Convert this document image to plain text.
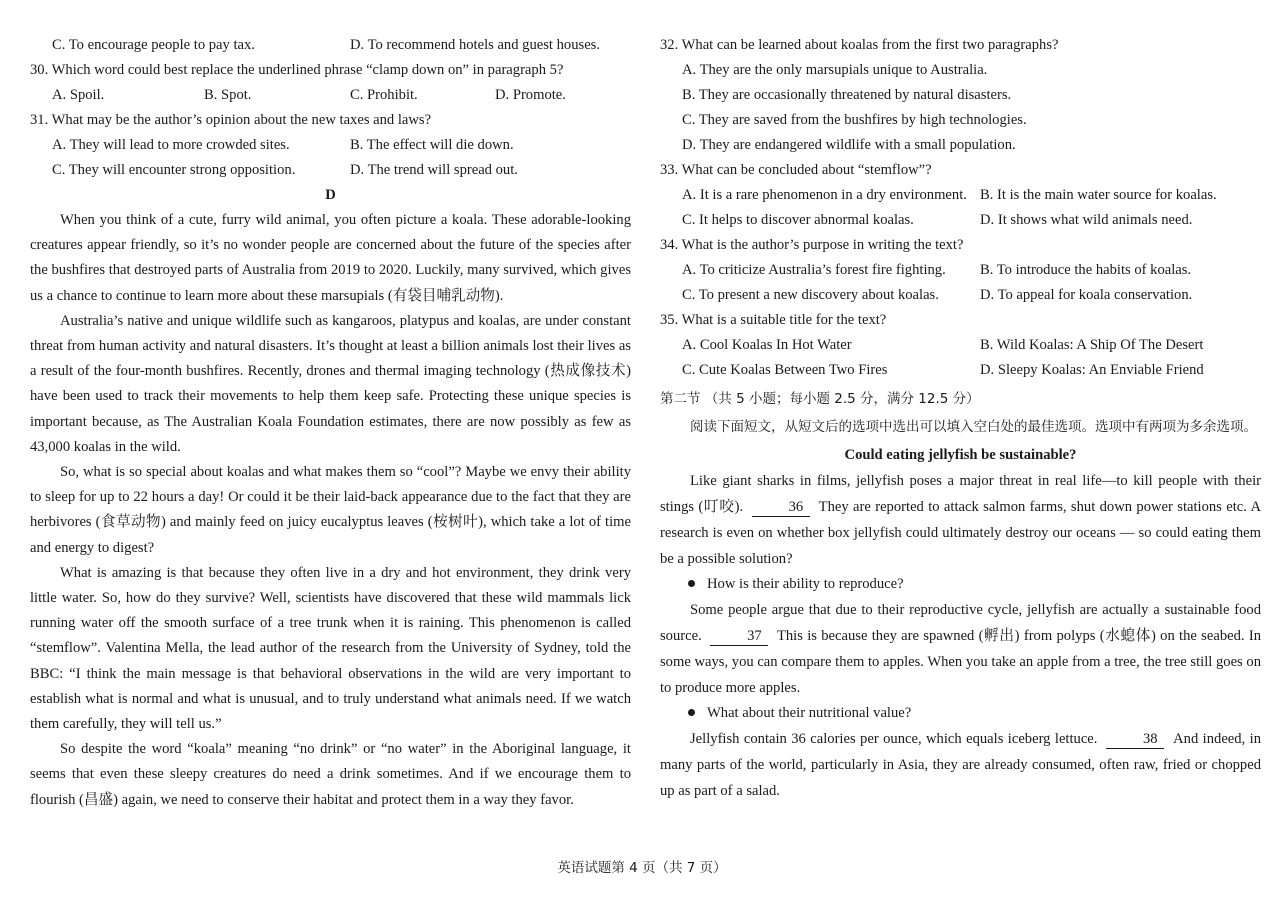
C. To encourage people to pay tax.	D. To recommend hotels and guest houses.
30. Which word could best replace the underlined phrase “clamp down on” in paragraph 5?
A. Spoil.	B. Spot.	C. Prohibit.	D. Promote.
31. What may be the author’s opinion about the new taxes and laws?
A. They will lead to more crowded sites.	B. The effect will die down.
C. They will encounter strong opposition.	D. The trend will spread out.

D

When you think of a cute, furry wild animal, you often picture a koala. These adorable-looking creatures appear friendly, so it’s no wonder people are concerned about the future of the species after the bushfires that destroyed parts of Australia from 2019 to 2020. Luckily, many survived, which gives us a chance to continue to learn more about these marsupials (有袋目哺乳动物).

Australia’s native and unique wildlife such as kangaroos, platypus and koalas, are under constant threat from human activity and natural disasters. It’s thought at least a billion animals lost their lives as a result of the four-month bushfires. Recently, drones and thermal imaging technology (热成像技术) have been used to track their movements to help them keep safe. Protecting these unique species is important because, as The Australian Koala Foundation estimates, there are now possibly as few as 43,000 koalas in the wild.

So, what is so special about koalas and what makes them so “cool”? Maybe we envy their ability to sleep for up to 22 hours a day! Or could it be their laid-back appearance due to the fact that they are herbivores (食草动物) and mainly feed on juicy eucalyptus leaves (桉树叶), which take a lot of time and energy to digest?

What is amazing is that because they often live in a dry and hot environment, they drink very little water. So, how do they survive? Well, scientists have discovered that these wild mammals lick running water off the smooth surface of a tree trunk when it is raining. This phenomenon is called “stemflow”. Valentina Mella, the lead author of the research from the University of Sydney, told the BBC: “I think the main message is that behavioral observations in the wild are very important to establish what is normal and what is unusual, and to truly understand what animals need. If we watch them carefully, they will tell us.”

So despite the word “koala” meaning “no drink” or “no water” in the Aboriginal language, it seems that even these sleepy creatures do need a drink sometimes. And if we encourage them to flourish (昌盛) again, we need to conserve their habitat and protect them in a way they favor.

32. What can be learned about koalas from the first two paragraphs?
A. They are the only marsupials unique to Australia.
B. They are occasionally threatened by natural disasters.
C. They are saved from the bushfires by high technologies.
D. They are endangered wildlife with a small population.
33. What can be concluded about “stemflow”?
A. It is a rare phenomenon in a dry environment. B. It is the main water source for koalas.
C. It helps to discover abnormal koalas.	D. It shows what wild animals need.
34. What is the author’s purpose in writing the text?
A. To criticize Australia’s forest fire fighting.	B. To introduce the habits of koalas.
C. To present a new discovery about koalas.	D. To appeal for koala conservation.
35. What is a suitable title for the text?
A. Cool Koalas In Hot Water	B. Wild Koalas: A Ship Of The Desert
C. Cute Koalas Between Two Fires	D. Sleepy Koalas: An Enviable Friend
第二节 （共 5 小题；每小题 2.5 分，满分 12.5 分）

阅读下面短文，从短文后的选项中选出可以填入空白处的最佳选项。选项中有两项为多余选项。

Could eating jellyfish be sustainable?

Like giant sharks in films, jellyfish poses a major threat in real life—to kill people with their stings (叮咬).	36 They are reported to attack salmon farms, shut down power stations etc. A research is even on whether box jellyfish could ultimately destroy our oceans — so could eating them be a possible solution?

How is their ability to reproduce?

Some people argue that due to their reproductive cycle, jellyfish are actually a sustainable food source.	37 This is because they are spawned (孵出) from polyps (水螅体) on the seabed. In some ways, you can compare them to apples. When you take an apple from a tree, the tree still goes on to produce more apples.

What about their nutritional value?

Jellyfish contain 36 calories per ounce, which equals iceberg lettuce.	38 And indeed, in many parts of the world, particularly in Asia, they are already consumed, often raw, fried or chopped up as part of a salad.

英语试题第 4 页（共 7 页）
